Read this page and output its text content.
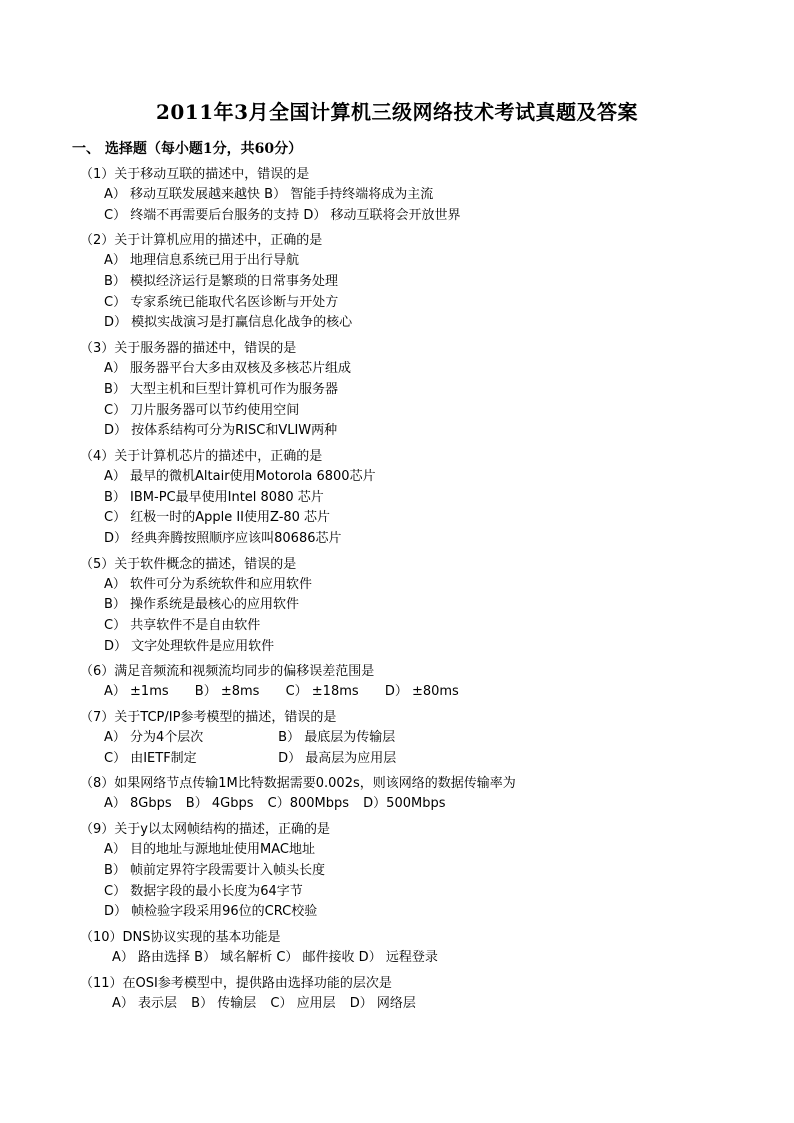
2011年3月全国计算机三级网络技术考试真题及答案
一、 选择题（每小题1分，共60分）
（1）关于移动互联的描述中，错误的是
A） 移动互联发展越来越快 B） 智能手持终端将成为主流
C） 终端不再需要后台服务的支持 D） 移动互联将会开放世界
（2）关于计算机应用的描述中，正确的是
A） 地理信息系统已用于出行导航
B） 模拟经济运行是繁琐的日常事务处理
C） 专家系统已能取代名医诊断与开处方
D） 模拟实战演习是打赢信息化战争的核心
（3）关于服务器的描述中，错误的是
A） 服务器平台大多由双核及多核芯片组成
B） 大型主机和巨型计算机可作为服务器
C） 刀片服务器可以节约使用空间
D） 按体系结构可分为RISC和VLIW两种
（4）关于计算机芯片的描述中，正确的是
A） 最早的微机Altair使用Motorola 6800芯片
B） IBM-PC最早使用Intel 8080 芯片
C） 红极一时的Apple II使用Z-80 芯片
D） 经典奔腾按照顺序应该叫80686芯片
（5）关于软件概念的描述，错误的是
A） 软件可分为系统软件和应用软件
B） 操作系统是最核心的应用软件
C） 共享软件不是自由软件
D） 文字处理软件是应用软件
（6）满足音频流和视频流均同步的偏移误差范围是
A） ±1ms B） ±8ms C） ±18ms D） ±80ms
（7）关于TCP/IP参考模型的描述，错误的是
A） 分为4个层次	B） 最底层为传输层
C） 由IETF制定	D） 最高层为应用层
（8）如果网络节点传输1M比特数据需要0.002s，则该网络的数据传输率为
A） 8Gbps B） 4Gbps C）800Mbps D）500Mbps
（9）关于y以太网帧结构的描述，正确的是
A） 目的地址与源地址使用MAC地址
B） 帧前定界符字段需要计入帧头长度
C） 数据字段的最小长度为64字节
D） 帧检验字段采用96位的CRC校验
（10）DNS协议实现的基本功能是
A） 路由选择 B） 域名解析 C） 邮件接收 D） 远程登录
（11）在OSI参考模型中，提供路由选择功能的层次是
A） 表示层 B） 传输层 C） 应用层 D） 网络层
